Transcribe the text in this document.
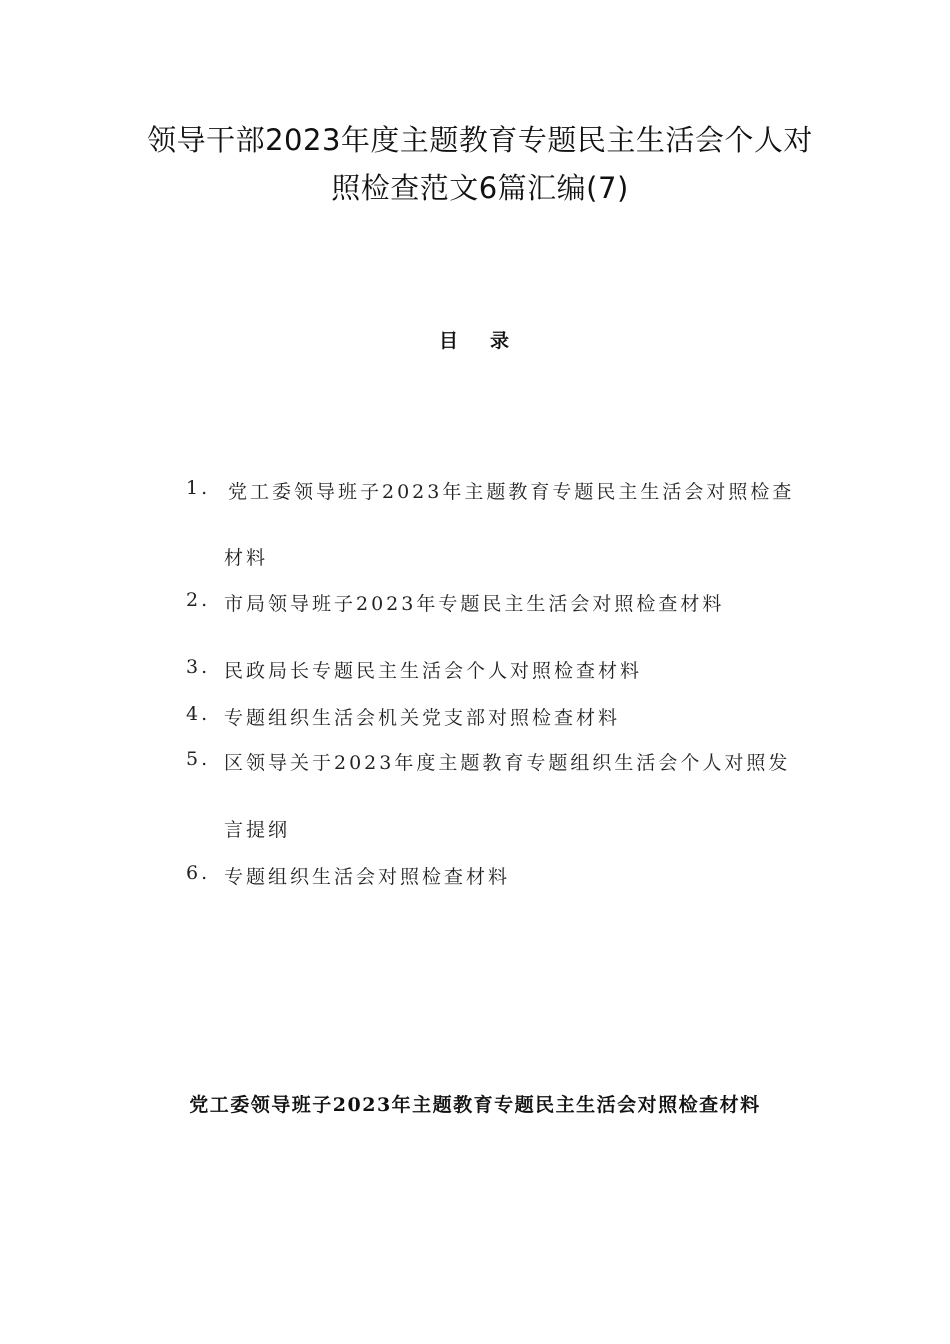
领导干部2023年度主题教育专题民主生活会个人对
照检查范文6篇汇编(7)
目 录
1. 党工委领导班子2023年主题教育专题民主生活会对照检查
材料
2. 市局领导班子2023年专题民主生活会对照检查材料
3. 民政局长专题民主生活会个人对照检查材料
4. 专题组织生活会机关党支部对照检查材料
5. 区领导关于2023年度主题教育专题组织生活会个人对照发
言提纲
6. 专题组织生活会对照检查材料
党工委领导班子2023年主题教育专题民主生活会对照检查材料
